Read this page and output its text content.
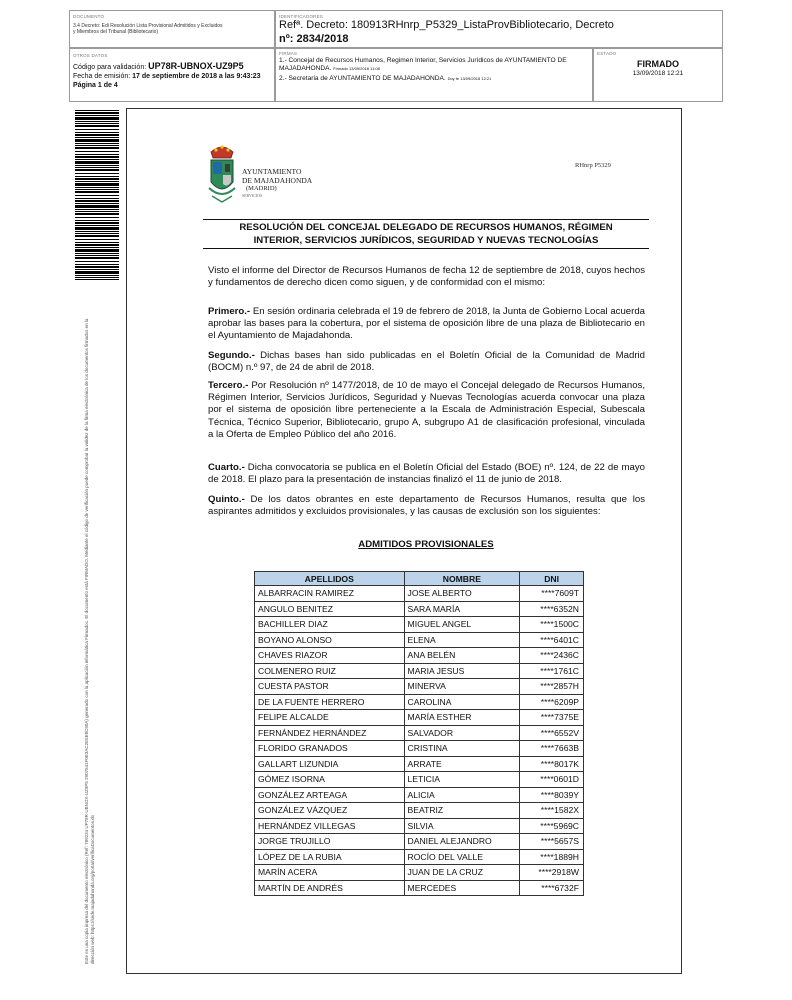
DOCUMENTO
3.4 Decreto: Edi Resolución Lista Provisional Admitidos y Excluidos y Miembros del Tribunal (Bibliotecario)
IDENTIFICADORES
Refª. Decreto: 180913RHnrp_P5329_ListaProvBibliotecario, Decreto
nº: 2834/2018
OTROS DATOS
Código para validación: UP78R-UBNOX-UZ9P5
Fecha de emisión: 17 de septiembre de 2018 a las 9:43:23
Página 1 de 4
FIRMAS
1.- Concejal de Recursos Humanos, Regimen Interior, Servicios Jurídicos de AYUNTAMIENTO DE MAJADAHONDA. Firmado 13/09/2018 11:08
2.- Secretaria de AYUNTAMIENTO DE MAJADAHONDA. Doy fe 13/09/2018 12:21
ESTADO
FIRMADO
13/09/2018 12:21
Este es una copia impresa del documento electrónico (Ref: 789234 UP78R-UBNOX-UZ9P5 2907541F0E3AC2E5E8C90A) generado con la aplicación informática Firmadoc. El documento está FIRMADO. Mediante el código de verificación puede comprobar la validez de la firma electrónica de los documentos firmados en la dirección web: https://sede.majadahonda.org/portal/verificaDocumentos.do
AYUNTAMIENTO
DE MAJADAHONDA
(MADRID)
SERVICIOS
RHnrp P5329
RESOLUCIÓN DEL CONCEJAL DELEGADO DE RECURSOS HUMANOS, RÉGIMEN
INTERIOR, SERVICIOS JURÍDICOS, SEGURIDAD Y NUEVAS TECNOLOGÍAS
Visto el informe del Director de Recursos Humanos de fecha 12 de septiembre de 2018, cuyos hechos y fundamentos de derecho dicen como siguen, y de conformidad con el mismo:
Primero.- En sesión ordinaria celebrada el 19 de febrero de 2018, la Junta de Gobierno Local acuerda aprobar las bases para la cobertura, por el sistema de oposición libre de una plaza de Bibliotecario en el Ayuntamiento de Majadahonda.
Segundo.- Dichas bases han sido publicadas en el Boletín Oficial de la Comunidad de Madrid (BOCM) n.º 97, de 24 de abril de 2018.
Tercero.- Por Resolución nº 1477/2018, de 10 de mayo el Concejal delegado de Recursos Humanos, Régimen Interior, Servicios Jurídicos, Seguridad y Nuevas Tecnologías acuerda convocar una plaza por el sistema de oposición libre perteneciente a la Escala de Administración Especial, Subescala Técnica, Técnico Superior, Bibliotecario, grupo A, subgrupo A1 de clasificación profesional, vinculada a la Oferta de Empleo Público del año 2016.
Cuarto.- Dicha convocatoria se publica en el Boletín Oficial del Estado (BOE) nº. 124, de 22 de mayo de 2018. El plazo para la presentación de instancias finalizó el 11 de junio de 2018.
Quinto.- De los datos obrantes en este departamento de Recursos Humanos, resulta que los aspirantes admitidos y excluidos provisionales, y las causas de exclusión son los siguientes:
ADMITIDOS PROVISIONALES
APELLIDOS	NOMBRE	DNI
ALBARRACIN RAMIREZ	JOSE ALBERTO	****7609T
ANGULO BENITEZ	SARA MARÍA	****6352N
BACHILLER DIAZ	MIGUEL ANGEL	****1500C
BOYANO ALONSO	ELENA	****6401C
CHAVES RIAZOR	ANA BELÉN	****2436C
COLMENERO RUIZ	MARIA JESUS	****1761C
CUESTA PASTOR	MINERVA	****2857H
DE LA FUENTE HERRERO	CAROLINA	****6209P
FELIPE ALCALDE	MARÍA ESTHER	****7375E
FERNÁNDEZ HERNÁNDEZ	SALVADOR	****6552V
FLORIDO GRANADOS	CRISTINA	****7663B
GALLART LIZUNDIA	ARRATE	****8017K
GÓMEZ ISORNA	LETICIA	****0601D
GONZÁLEZ ARTEAGA	ALICIA	****8039Y
GONZÁLEZ VÁZQUEZ	BEATRIZ	****1582X
HERNÁNDEZ VILLEGAS	SILVIA	****5969C
JORGE TRUJILLO	DANIEL ALEJANDRO	****5657S
LÓPEZ DE LA RUBIA	ROCÍO DEL VALLE	****1889H
MARÍN ACERA	JUAN DE LA CRUZ	****2918W
MARTÍN DE ANDRÉS	MERCEDES	****6732F
